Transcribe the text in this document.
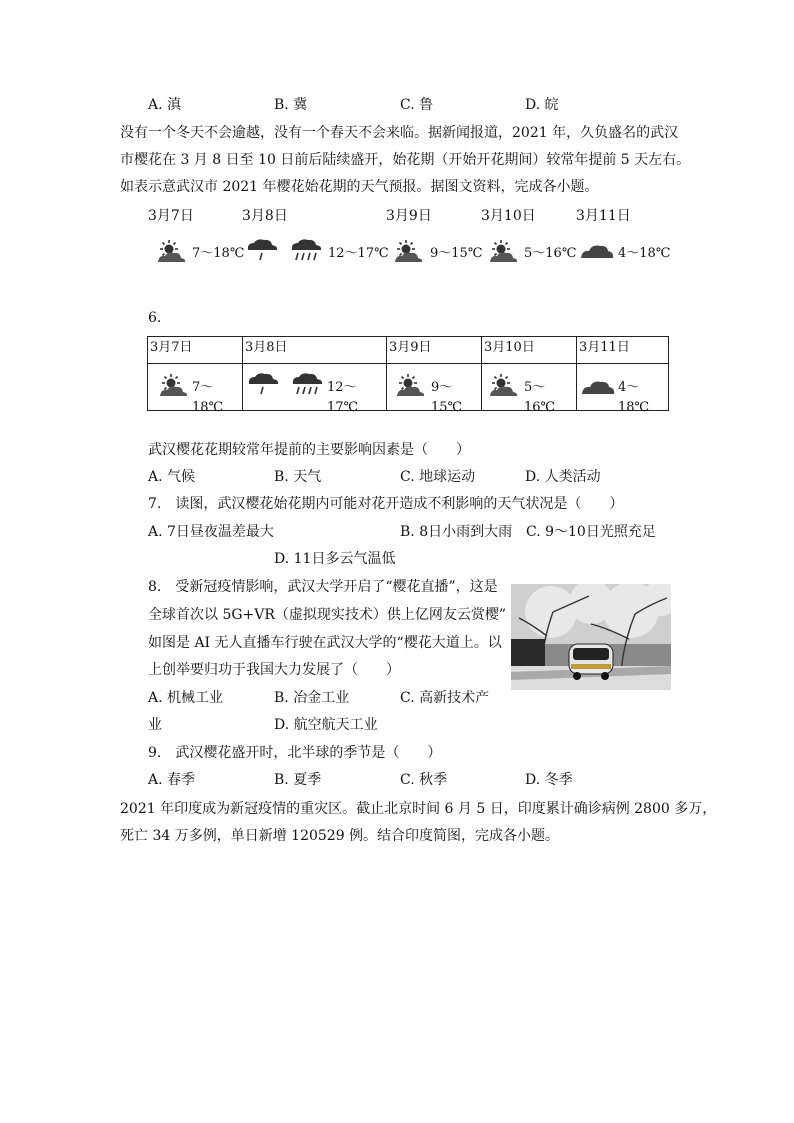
A. 滇	B. 冀	C. 鲁	D. 皖
没有一个冬天不会逾越，没有一个春天不会来临。据新闻报道，2021 年，久负盛名的武汉
市樱花在 3 月 8 日至 10 日前后陆续盛开，始花期（开始开花期间）较常年提前 5 天左右。
如表示意武汉市 2021 年樱花始花期的天气预报。据图文资料，完成各小题。
3月7日	3月8日	3月9日	3月10日	3月11日
7～18℃	12～17℃	9～15℃	5～16℃	4～18℃
6.
3月7日	3月8日	3月9日	3月10日	3月11日

7～18℃	12～17℃	9～15℃	5～16℃	4～18℃
武汉樱花花期较常年提前的主要影响因素是（　　）
A. 气候	B. 天气	C. 地球运动	D. 人类活动
7.　读图，武汉樱花始花期内可能对花开造成不利影响的天气状况是（　　）
A. 7日昼夜温差最大	B. 8日小雨到大雨 C. 9～10日光照充足
D. 11日多云气温低
8.　受新冠疫情影响，武汉大学开启了“樱花直播”，这是
全球首次以 5G+VR（虚拟现实技术）供上亿网友云赏樱”
如图是 AI 无人直播车行驶在武汉大学的“樱花大道上。以
上创举要归功于我国大力发展了（　　）
A. 机械工业	B. 冶金工业	C. 高新技术产
业	D. 航空航天工业
9.　武汉樱花盛开时，北半球的季节是（　　）
A. 春季	B. 夏季	C. 秋季	D. 冬季
2021 年印度成为新冠疫情的重灾区。截止北京时间 6 月 5 日，印度累计确诊病例 2800 多万，
死亡 34 万多例，单日新增 120529 例。结合印度简图，完成各小题。
